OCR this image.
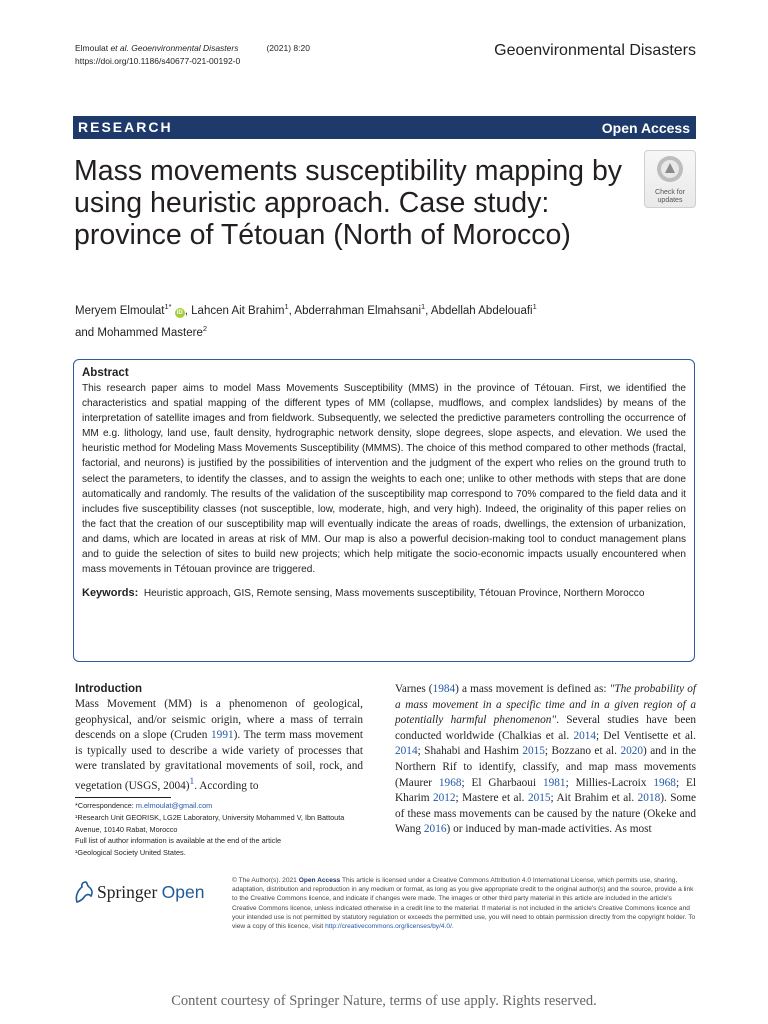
Elmoulat et al. Geoenvironmental Disasters	(2021) 8:20
https://doi.org/10.1186/s40677-021-00192-0
Geoenvironmental Disasters
RESEARCH	Open Access
Mass movements susceptibility mapping by using heuristic approach. Case study: province of Tétouan (North of Morocco)
Check for
updates
Meryem Elmoulat$^{1*}$ iD , Lahcen Ait Brahim$^1$, Abderrahman Elmahsani$^1$, Abdellah Abdelouafi$^1$
and Mohammed Mastere$^2$
Abstract
This research paper aims to model Mass Movements Susceptibility (MMS) in the province of Tétouan. First, we identified the characteristics and spatial mapping of the different types of MM (collapse, mudflows, and complex landslides) by means of the interpretation of satellite images and from fieldwork. Subsequently, we selected the predictive parameters controlling the occurrence of MM e.g. lithology, land use, fault density, hydrographic network density, slope degrees, slope aspects, and elevation. We used the heuristic method for Modeling Mass Movements Susceptibility (MMMS). The choice of this method compared to other methods (fractal, factorial, and neurons) is justified by the possibilities of intervention and the judgment of the expert who relies on the ground truth to select the parameters, to identify the classes, and to assign the weights to each one; unlike to other methods with steps that are done automatically and randomly. The results of the validation of the susceptibility map correspond to 70% compared to the field data and it includes five susceptibility classes (not susceptible, low, moderate, high, and very high). Indeed, the originality of this paper relies on the fact that the creation of our susceptibility map will eventually indicate the areas of roads, dwellings, the extension of urbanization, and dams, which are located in areas at risk of MM. Our map is also a powerful decision-making tool to conduct management plans and to guide the selection of sites to build new projects; which help mitigate the socio-economic impacts usually encountered when mass movements in Tétouan province are triggered.
Keywords: Heuristic approach, GIS, Remote sensing, Mass movements susceptibility, Tétouan Province, Northern Morocco
Introduction
Mass Movement (MM) is a phenomenon of geological, geophysical, and/or seismic origin, where a mass of terrain descends on a slope (Cruden 1991). The term mass movement is typically used to describe a wide variety of processes that were translated by gravitational movements of soil, rock, and vegetation (USGS, 2004)$^1$. According to
Varnes (1984) a mass movement is defined as: "The probability of a mass movement in a specific time and in a given region of a potentially harmful phenomenon". Several studies have been conducted worldwide (Chalkias et al. 2014; Del Ventisette et al. 2014; Shahabi and Hashim 2015; Bozzano et al. 2020) and in the Northern Rif to identify, classify, and map mass movements (Maurer 1968; El Gharbaoui 1981; Millies-Lacroix 1968; El Kharim 2012; Mastere et al. 2015; Ait Brahim et al. 2018). Some of these mass movements can be caused by the nature (Okeke and Wang 2016) or induced by man-made activities. As most
*Correspondence: m.elmoulat@gmail.com
¹Research Unit GEORISK, LG2E Laboratory, University Mohammed V, Ibn Battouta Avenue, 10140 Rabat, Morocco
Full list of author information is available at the end of the article
¹Geological Society United States.
Springer Open
© The Author(s). 2021 Open Access This article is licensed under a Creative Commons Attribution 4.0 International License, which permits use, sharing, adaptation, distribution and reproduction in any medium or format, as long as you give appropriate credit to the original author(s) and the source, provide a link to the Creative Commons licence, and indicate if changes were made. The images or other third party material in this article are included in the article's Creative Commons licence, unless indicated otherwise in a credit line to the material. If material is not included in the article's Creative Commons licence and your intended use is not permitted by statutory regulation or exceeds the permitted use, you will need to obtain permission directly from the copyright holder. To view a copy of this licence, visit http://creativecommons.org/licenses/by/4.0/.
Content courtesy of Springer Nature, terms of use apply. Rights reserved.
